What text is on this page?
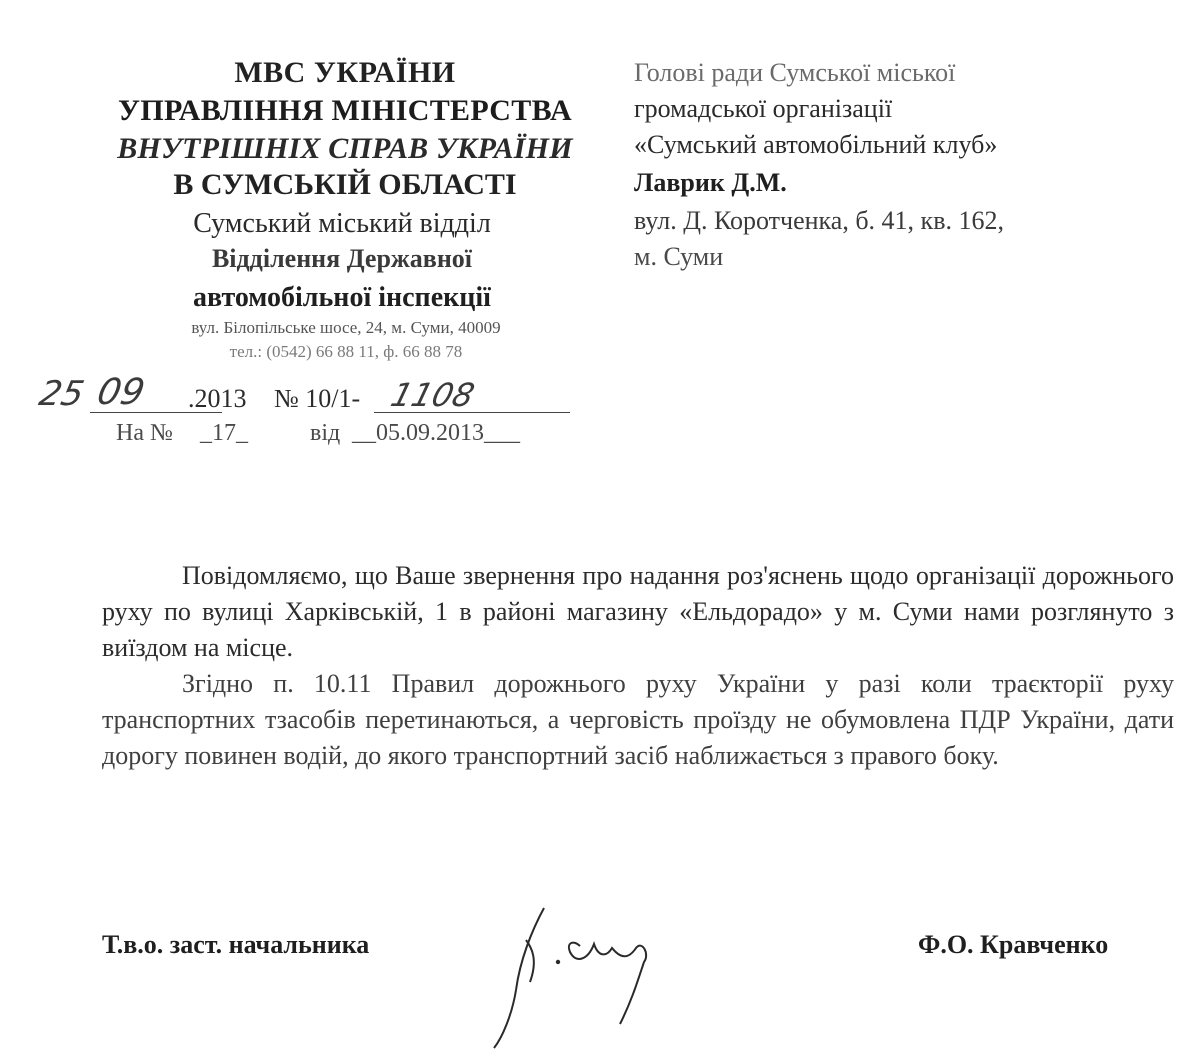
МВС УКРАЇНИ
УПРАВЛІННЯ МІНІСТЕРСТВА
ВНУТРІШНІХ СПРАВ УКРАЇНИ
В СУМСЬКІЙ ОБЛАСТІ
Сумський міський відділ
Відділення Державної
автомобільної інспекції
вул. Білопільське шосе, 24, м. Суми, 40009
тел.: (0542) 66 88 11, ф. 66 88 78
25 09 .2013 № 10/1- 1108
На № _17_	від __05.09.2013___
Голові ради Сумської міської
громадської організації
«Сумський автомобільний клуб»
Лаврик Д.М.
вул. Д. Коротченка, б. 41, кв. 162,
м. Суми

Повідомляємо, що Ваше звернення про надання роз'яснень щодо організації дорожнього руху по вулиці Харківській, 1 в районі магазину «Ельдорадо» у м. Суми нами розглянуто з виїздом на місце.

Згідно п. 10.11 Правил дорожнього руху України у разі коли траєкторії руху транспортних тзасобів перетинаються, а черговість проїзду не обумовлена ПДР України, дати дорогу повинен водій, до якого транспортний засіб наближається з правого боку.

Т.в.о. заст. начальника	Ф.О. Кравченко
